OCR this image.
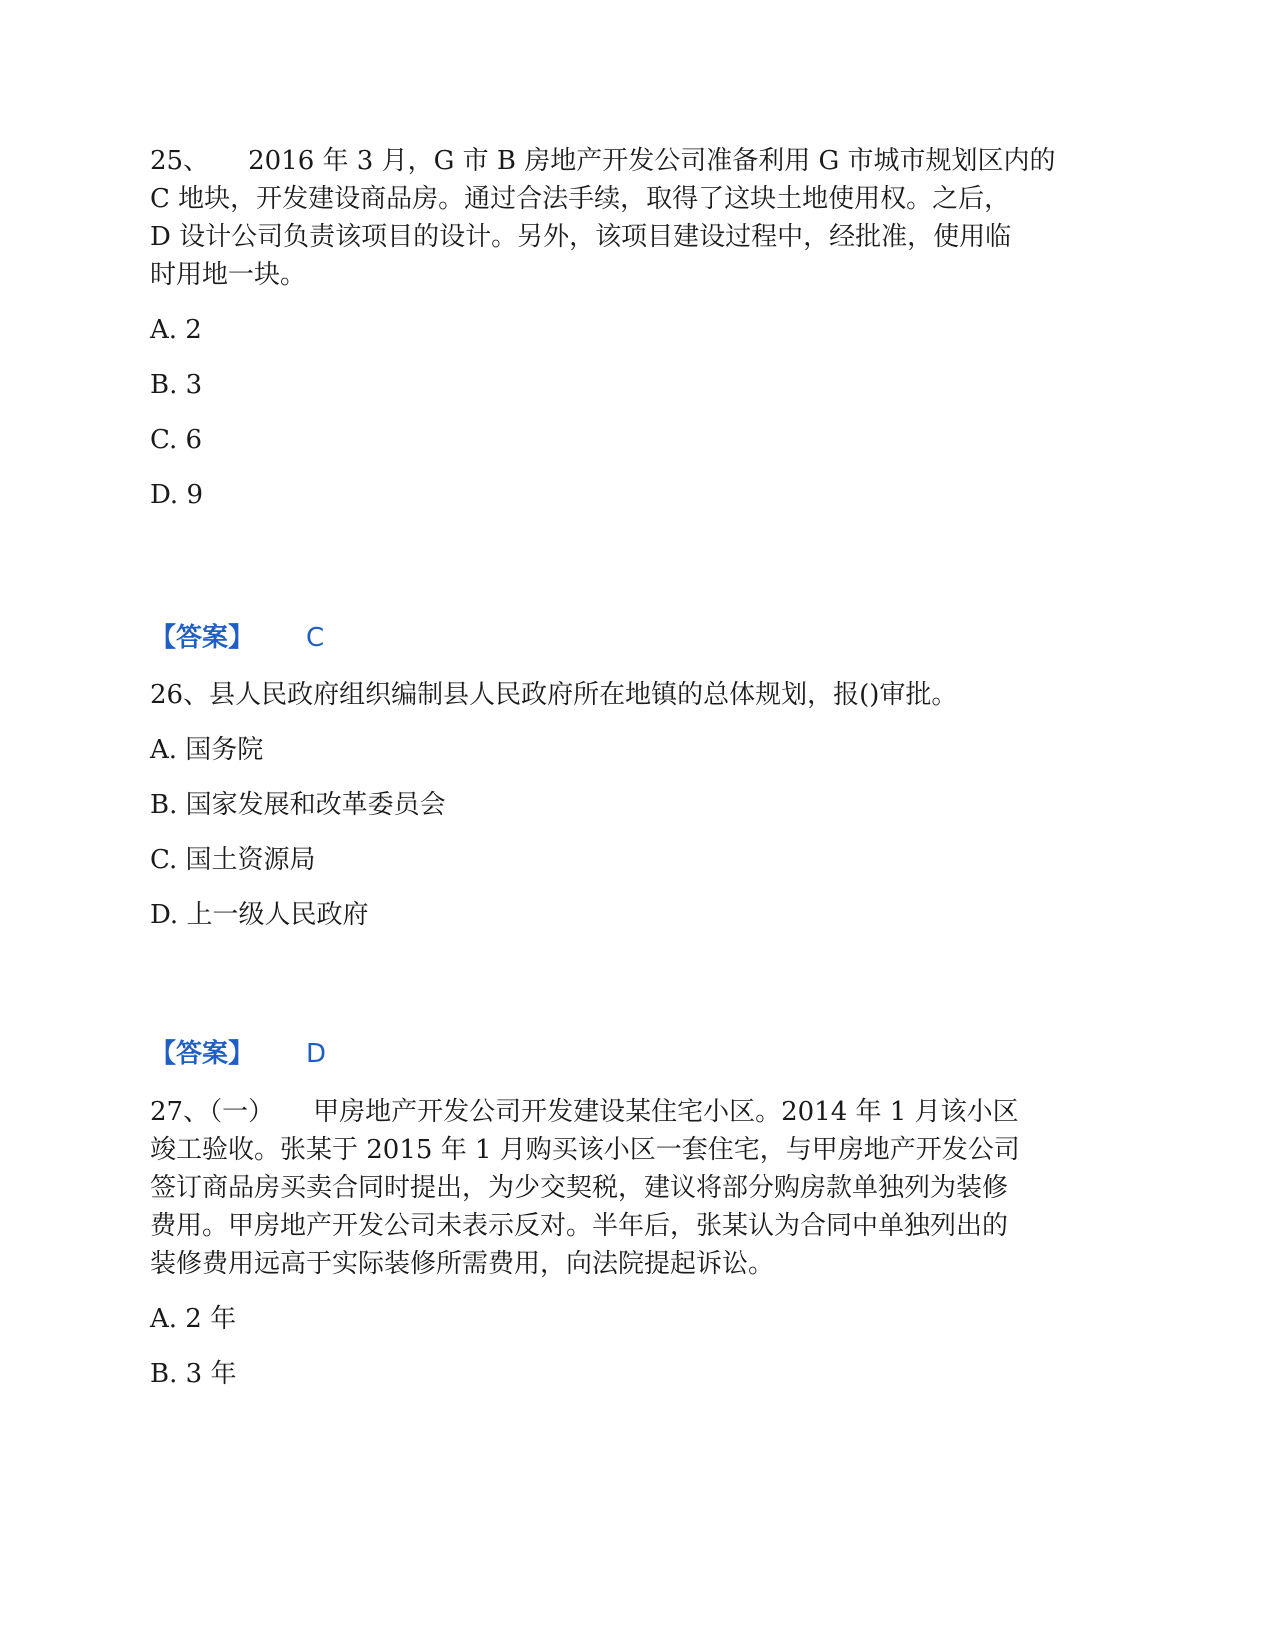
25、　　2016 年 3 月，G 市 B 房地产开发公司准备利用 G 市城市规划区内的
C 地块，开发建设商品房。通过合法手续，取得了这块土地使用权。之后，
D 设计公司负责该项目的设计。另外，该项目建设过程中，经批准，使用临
时用地一块。

A. 2
B. 3
C. 6
D. 9
【答案】 C

26、县人民政府组织编制县人民政府所在地镇的总体规划，报()审批。

A. 国务院
B. 国家发展和改革委员会
C. 国土资源局
D. 上一级人民政府
【答案】 D

27、（一）　　甲房地产开发公司开发建设某住宅小区。2014 年 1 月该小区
竣工验收。张某于 2015 年 1 月购买该小区一套住宅，与甲房地产开发公司
签订商品房买卖合同时提出，为少交契税，建议将部分购房款单独列为装修
费用。甲房地产开发公司未表示反对。半年后，张某认为合同中单独列出的
装修费用远高于实际装修所需费用，向法院提起诉讼。

A. 2 年
B. 3 年
